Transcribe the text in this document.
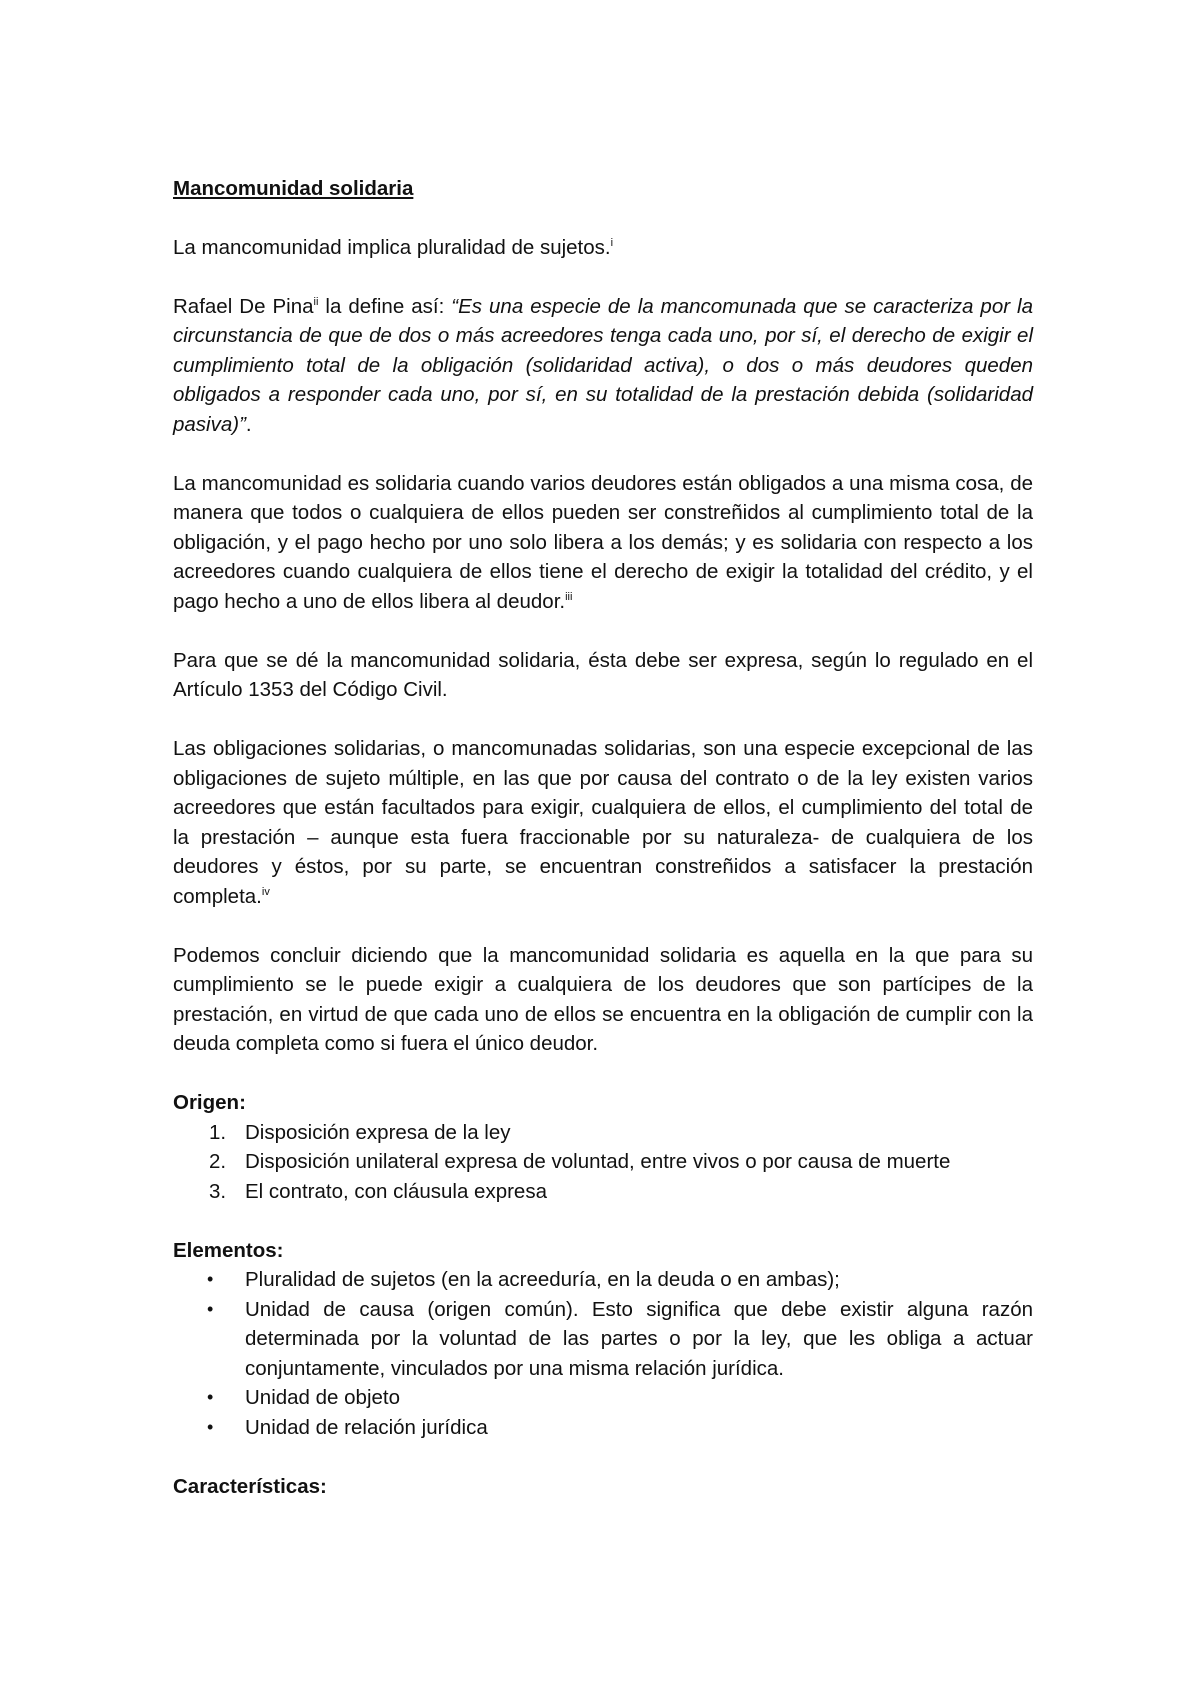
Mancomunidad solidaria

La mancomunidad implica pluralidad de sujetos.$^i$

Rafael De Pina$^{ii}$ la define así: “Es una especie de la mancomunada que se caracteriza por la circunstancia de que de dos o más acreedores tenga cada uno, por sí, el derecho de exigir el cumplimiento total de la obligación (solidaridad activa), o dos o más deudores queden obligados a responder cada uno, por sí, en su totalidad de la prestación debida (solidaridad pasiva)”.

La mancomunidad es solidaria cuando varios deudores están obligados a una misma cosa, de manera que todos o cualquiera de ellos pueden ser constreñidos al cumplimiento total de la obligación, y el pago hecho por uno solo libera a los demás; y es solidaria con respecto a los acreedores cuando cualquiera de ellos tiene el derecho de exigir la totalidad del crédito, y el pago hecho a uno de ellos libera al deudor.$^{iii}$

Para que se dé la mancomunidad solidaria, ésta debe ser expresa, según lo regulado en el Artículo 1353 del Código Civil.

Las obligaciones solidarias, o mancomunadas solidarias, son una especie excepcional de las obligaciones de sujeto múltiple, en las que por causa del contrato o de la ley existen varios acreedores que están facultados para exigir, cualquiera de ellos, el cumplimiento del total de la prestación – aunque esta fuera fraccionable por su naturaleza- de cualquiera de los deudores y éstos, por su parte, se encuentran constreñidos a satisfacer la prestación completa.$^{iv}$

Podemos concluir diciendo que la mancomunidad solidaria es aquella en la que para su cumplimiento se le puede exigir a cualquiera de los deudores que son partícipes de la prestación, en virtud de que cada uno de ellos se encuentra en la obligación de cumplir con la deuda completa como si fuera el único deudor.

Origen:
1. Disposición expresa de la ley
2. Disposición unilateral expresa de voluntad, entre vivos o por causa de muerte
3. El contrato, con cláusula expresa
Elementos:
• Pluralidad de sujetos (en la acreeduría, en la deuda o en ambas);
• Unidad de causa (origen común). Esto significa que debe existir alguna razón determinada por la voluntad de las partes o por la ley, que les obliga a actuar conjuntamente, vinculados por una misma relación jurídica.
• Unidad de objeto
• Unidad de relación jurídica
Características:
